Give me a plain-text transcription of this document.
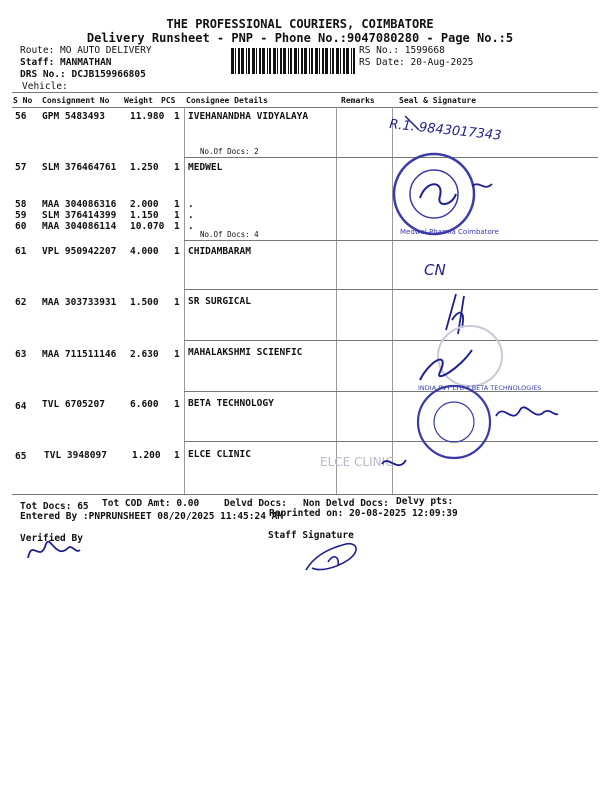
THE PROFESSIONAL COURIERS, COIMBATORE
Delivery Runsheet - PNP - Phone No.:9047080280 - Page No.:5
Route: MO AUTO DELIVERY
Staff: MANMATHAN
DRS No.: DCJB159966805
Vehicle:
RS No.: 1599668
RS Date: 20-Aug-2025
S No Consignment No Weight PCS Consignee Details	Remarks	Seal & Signature
56 GPM 5483493	11.980 1 IVEHANANDHA VIDYALAYA
No.Of Docs: 2
57 SLM 376464761 1.250 1 MEDWEL
58 MAA 304086316 2.000 1 .
59 SLM 376414399 1.150 1 .
60 MAA 304086114 10.070 1 .
No.Of Docs: 4
61 VPL 950942207 4.000 1 CHIDAMBARAM
62 MAA 303733931 1.500 1 SR SURGICAL
63 MAA 711511146 2.630 1 MAHALAKSHMI SCIENFIC
64 TVL 6705207	6.600 1 BETA TECHNOLOGY
65 TVL 3948097	1.200 1 ELCE CLINIC
Tot Docs: 65 Tot COD Amt: 0.00	Delvd Docs: Non Delvd Docs: Delvy pts:
Entered By :PNPRUNSHEET 08/20/2025 11:45:24 AM
Reprinted on: 20-08-2025 12:09:39
Verified By	Staff Signature
R.1. 9843017343
Medwel Pharma Coimbatore
CN
INDIA PVT LTD * BETA TECHNOLOGIES
ELCE CLINIC
